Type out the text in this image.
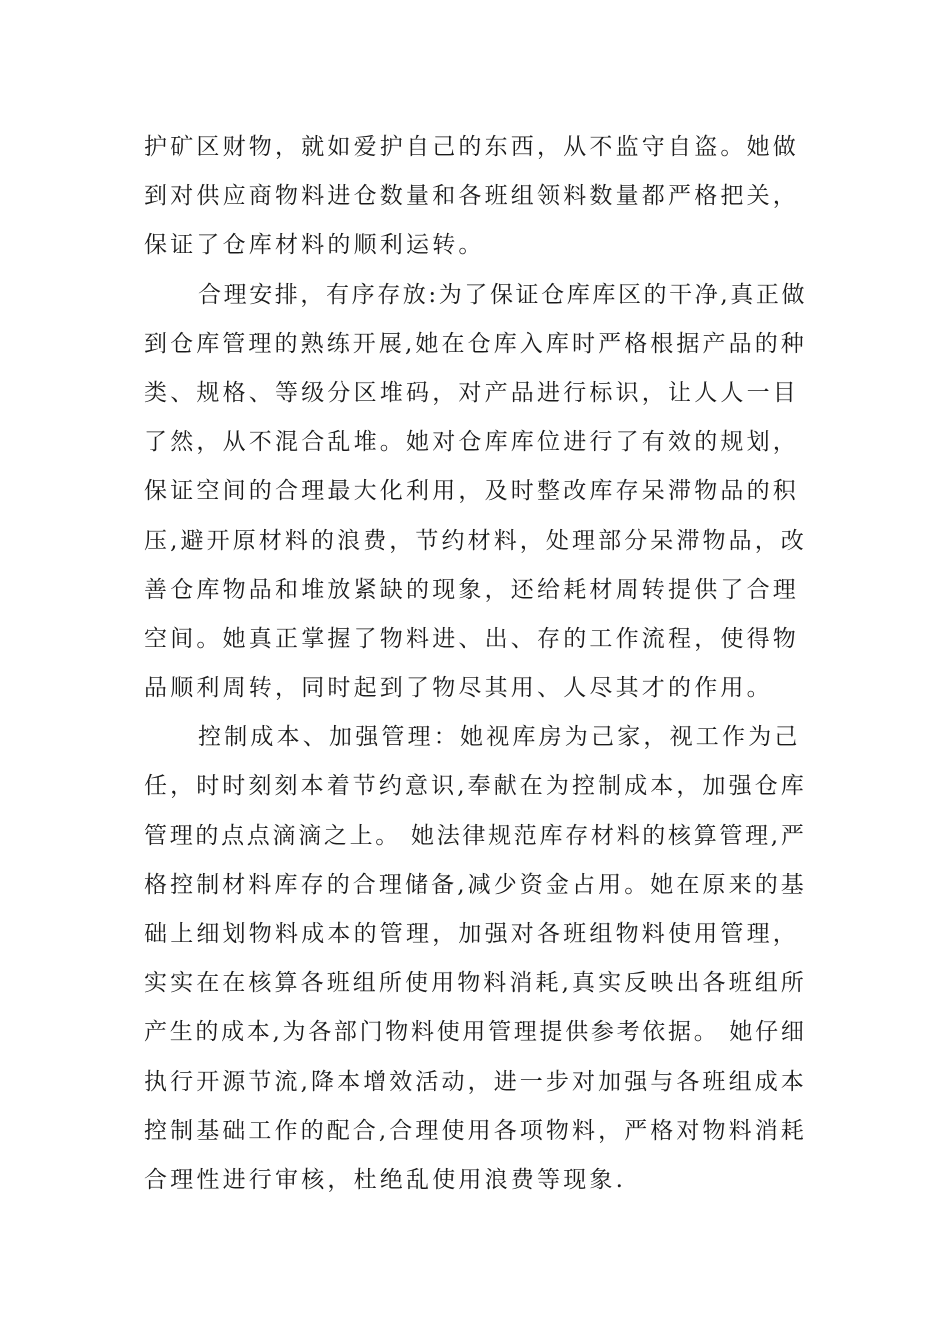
护矿区财物，就如爱护自己的东西，从不监守自盗。她做
到对供应商物料进仓数量和各班组领料数量都严格把关，
保证了仓库材料的顺利运转。
合理安排，有序存放:为了保证仓库库区的干净,真正做
到仓库管理的熟练开展,她在仓库入库时严格根据产品的种
类、规格、等级分区堆码，对产品进行标识，让人人一目
了然，从不混合乱堆。她对仓库库位进行了有效的规划，
保证空间的合理最大化利用，及时整改库存呆滞物品的积
压,避开原材料的浪费，节约材料，处理部分呆滞物品，改
善仓库物品和堆放紧缺的现象，还给耗材周转提供了合理
空间。她真正掌握了物料进、出、存的工作流程，使得物
品顺利周转，同时起到了物尽其用、人尽其才的作用。
控制成本、加强管理：她视库房为己家，视工作为己
任，时时刻刻本着节约意识,奉献在为控制成本，加强仓库
管理的点点滴滴之上。 她法律规范库存材料的核算管理,严
格控制材料库存的合理储备,减少资金占用。她在原来的基
础上细划物料成本的管理，加强对各班组物料使用管理，
实实在在核算各班组所使用物料消耗,真实反映出各班组所
产生的成本,为各部门物料使用管理提供参考依据。 她仔细
执行开源节流,降本增效活动，进一步对加强与各班组成本
控制基础工作的配合,合理使用各项物料，严格对物料消耗
合理性进行审核，杜绝乱使用浪费等现象.
